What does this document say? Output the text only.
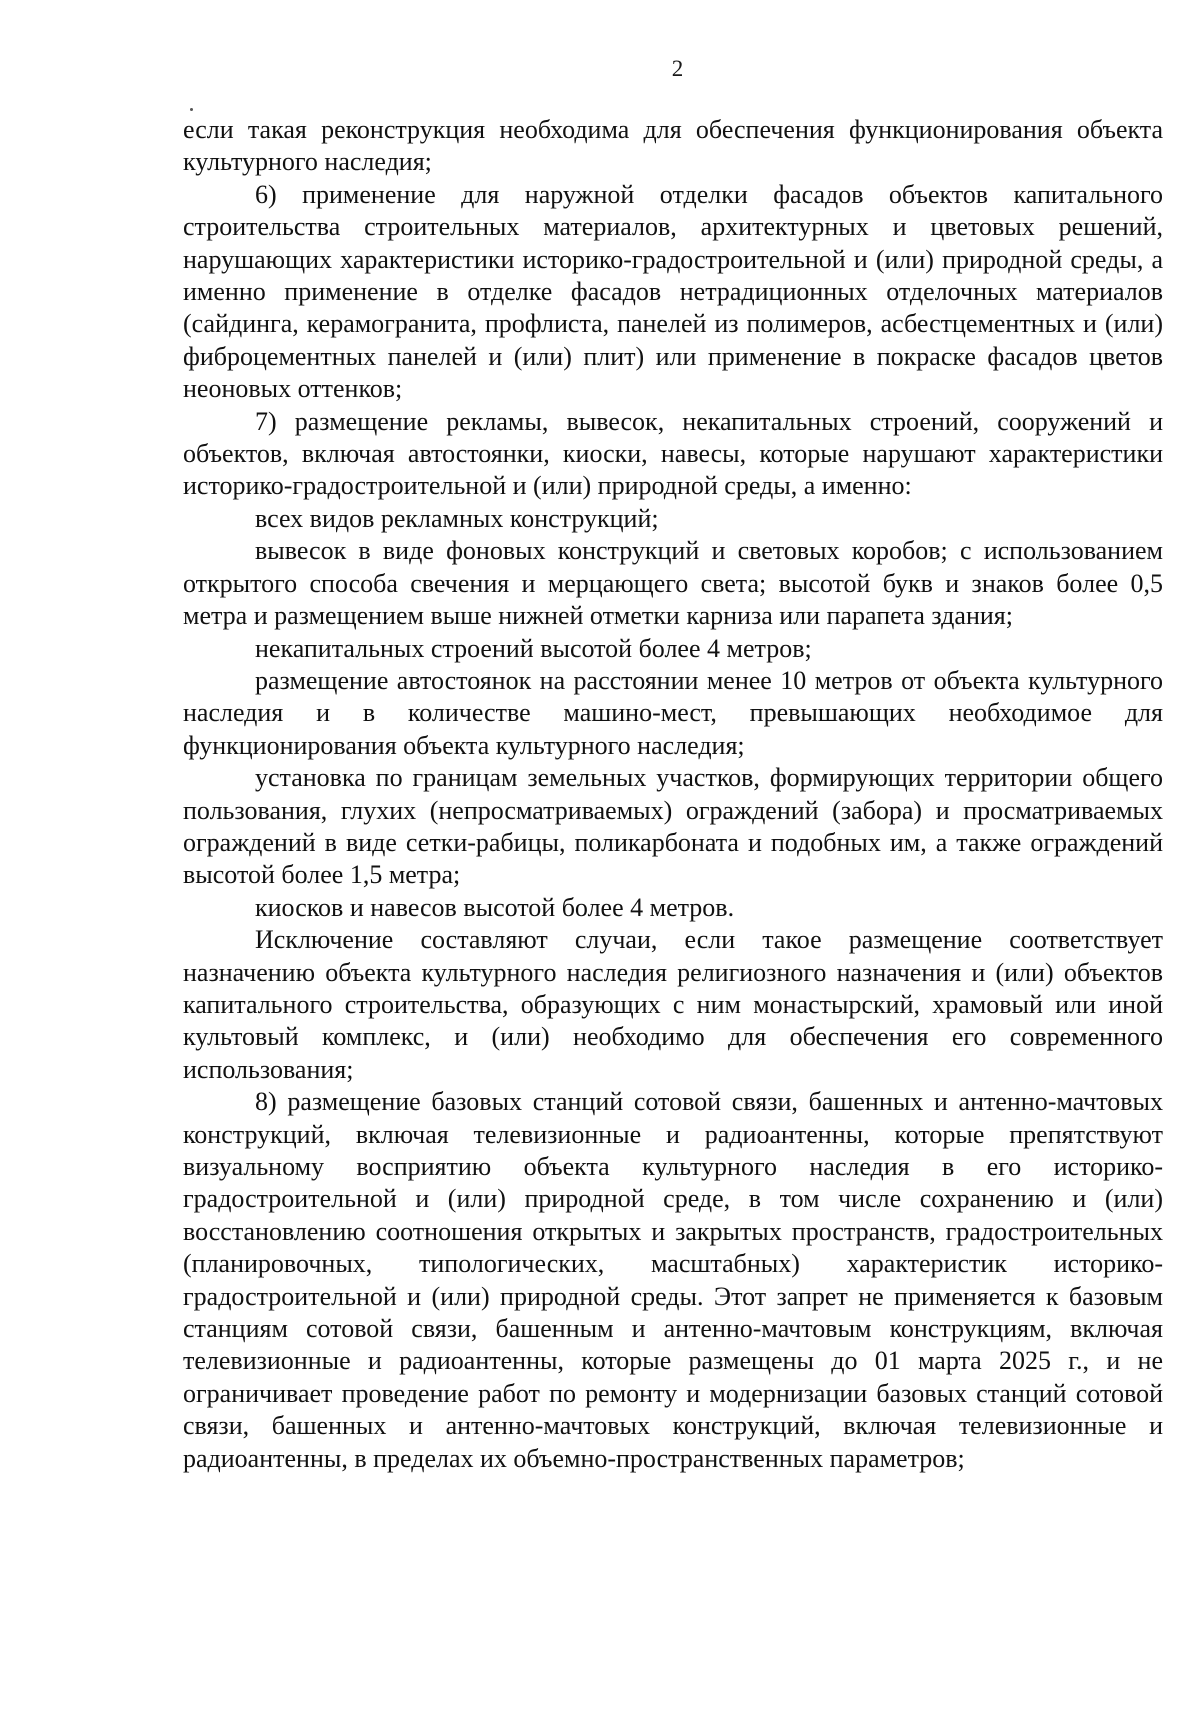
2

если такая реконструкция необходима для обеспечения функционирования объекта культурного наследия;

6) применение для наружной отделки фасадов объектов капитального строительства строительных материалов, архитектурных и цветовых решений, нарушающих характеристики историко-градостроительной и (или) природной среды, а именно применение в отделке фасадов нетрадиционных отделочных материалов (сайдинга, керамогранита, профлиста, панелей из полимеров, асбестцементных и (или) фиброцементных панелей и (или) плит) или применение в покраске фасадов цветов неоновых оттенков;

7) размещение рекламы, вывесок, некапитальных строений, сооружений и объектов, включая автостоянки, киоски, навесы, которые нарушают характеристики историко-градостроительной и (или) природной среды, а именно:

всех видов рекламных конструкций;

вывесок в виде фоновых конструкций и световых коробов; с использованием открытого способа свечения и мерцающего света; высотой букв и знаков более 0,5 метра и размещением выше нижней отметки карниза или парапета здания;

некапитальных строений высотой более 4 метров;

размещение автостоянок на расстоянии менее 10 метров от объекта культурного наследия и в количестве машино-мест, превышающих необходимое для функционирования объекта культурного наследия;

установка по границам земельных участков, формирующих территории общего пользования, глухих (непросматриваемых) ограждений (забора) и просматриваемых ограждений в виде сетки-рабицы, поликарбоната и подобных им, а также ограждений высотой более 1,5 метра;

киосков и навесов высотой более 4 метров.

Исключение составляют случаи, если такое размещение соответствует назначению объекта культурного наследия религиозного назначения и (или) объектов капитального строительства, образующих с ним монастырский, храмовый или иной культовый комплекс, и (или) необходимо для обеспечения его современного использования;

8) размещение базовых станций сотовой связи, башенных и антенно-мачтовых конструкций, включая телевизионные и радиоантенны, которые препятствуют визуальному восприятию объекта культурного наследия в его историко-градостроительной и (или) природной среде, в том числе сохранению и (или) восстановлению соотношения открытых и закрытых пространств, градостроительных (планировочных, типологических, масштабных) характеристик историко-градостроительной и (или) природной среды. Этот запрет не применяется к базовым станциям сотовой связи, башенным и антенно-мачтовым конструкциям, включая телевизионные и радиоантенны, которые размещены до 01 марта 2025 г., и не ограничивает проведение работ по ремонту и модернизации базовых станций сотовой связи, башенных и антенно-мачтовых конструкций, включая телевизионные и радиоантенны, в пределах их объемно-пространственных параметров;
